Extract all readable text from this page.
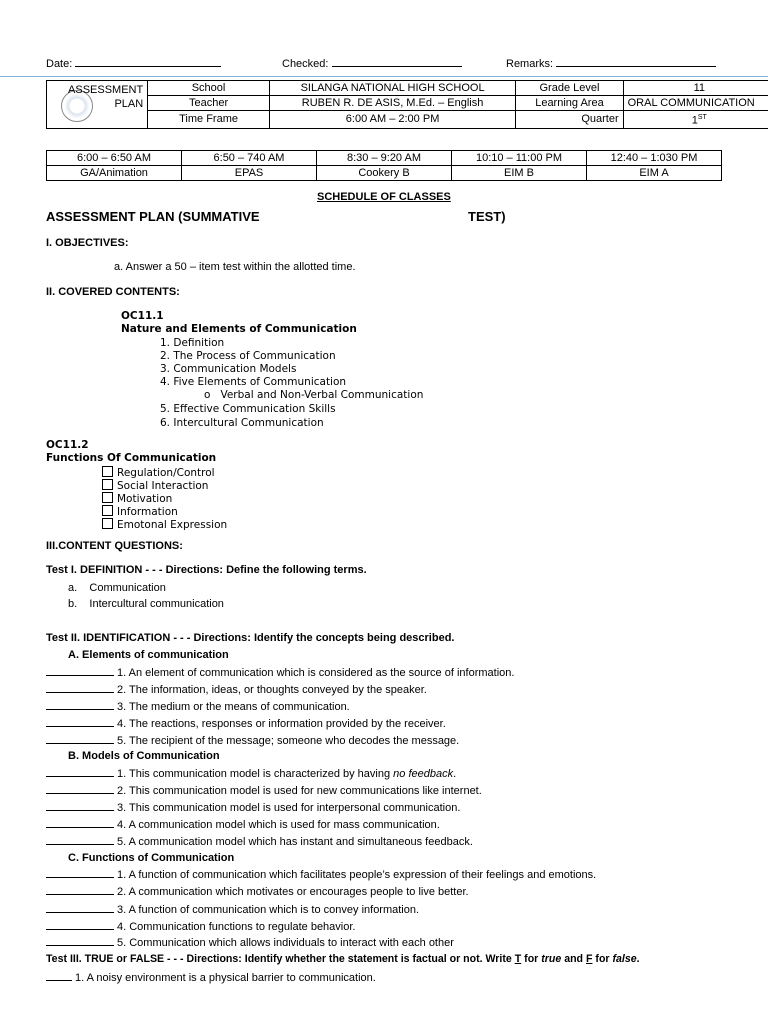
Date:	Checked:	Remarks:
ASSESSMENT
PLAN	School	SILANGA NATIONAL HIGH SCHOOL	Grade Level	11
	Teacher	RUBEN R. DE ASIS, M.Ed. – English	Learning Area	ORAL COMMUNICATION
	Time Frame	6:00 AM – 2:00 PM	Quarter	1ST
6:00 – 6:50 AM	6:50 – 740 AM	8:30 – 9:20 AM	10:10 – 11:00 PM	12:40 – 1:030 PM
GA/Animation	EPAS	Cookery B	EIM B	EIM A
SCHEDULE OF CLASSES
ASSESSMENT PLAN (SUMMATIVE	TEST)
I. OBJECTIVES:
a. Answer a 50 – item test within the allotted time.
II. COVERED CONTENTS:
OC11.1
Nature and Elements of Communication
1. Definition
2. The Process of Communication
3. Communication Models
4. Five Elements of Communication
o Verbal and Non-Verbal Communication
5. Effective Communication Skills
6. Intercultural Communication
OC11.2
Functions Of Communication
Regulation/Control
Social Interaction
Motivation
Information
Emotonal Expression
III.CONTENT QUESTIONS:
Test I. DEFINITION - - - Directions: Define the following terms.
a. Communication
b. Intercultural communication
Test II. IDENTIFICATION - - - Directions: Identify the concepts being described.
A. Elements of communication
1. An element of communication which is considered as the source of information.
2. The information, ideas, or thoughts conveyed by the speaker.
3. The medium or the means of communication.
4. The reactions, responses or information provided by the receiver.
5. The recipient of the message; someone who decodes the message.
B. Models of Communication
1. This communication model is characterized by having no feedback.
2. This communication model is used for new communications like internet.
3. This communication model is used for interpersonal communication.
4. A communication model which is used for mass communication.
5. A communication model which has instant and simultaneous feedback.
C. Functions of Communication
1. A function of communication which facilitates people’s expression of their feelings and emotions.
2. A communication which motivates or encourages people to live better.
3. A function of communication which is to convey information.
4. Communication functions to regulate behavior.
5. Communication which allows individuals to interact with each other
Test III. TRUE or FALSE - - - Directions: Identify whether the statement is factual or not. Write T for true and F for false.
1. A noisy environment is a physical barrier to communication.
